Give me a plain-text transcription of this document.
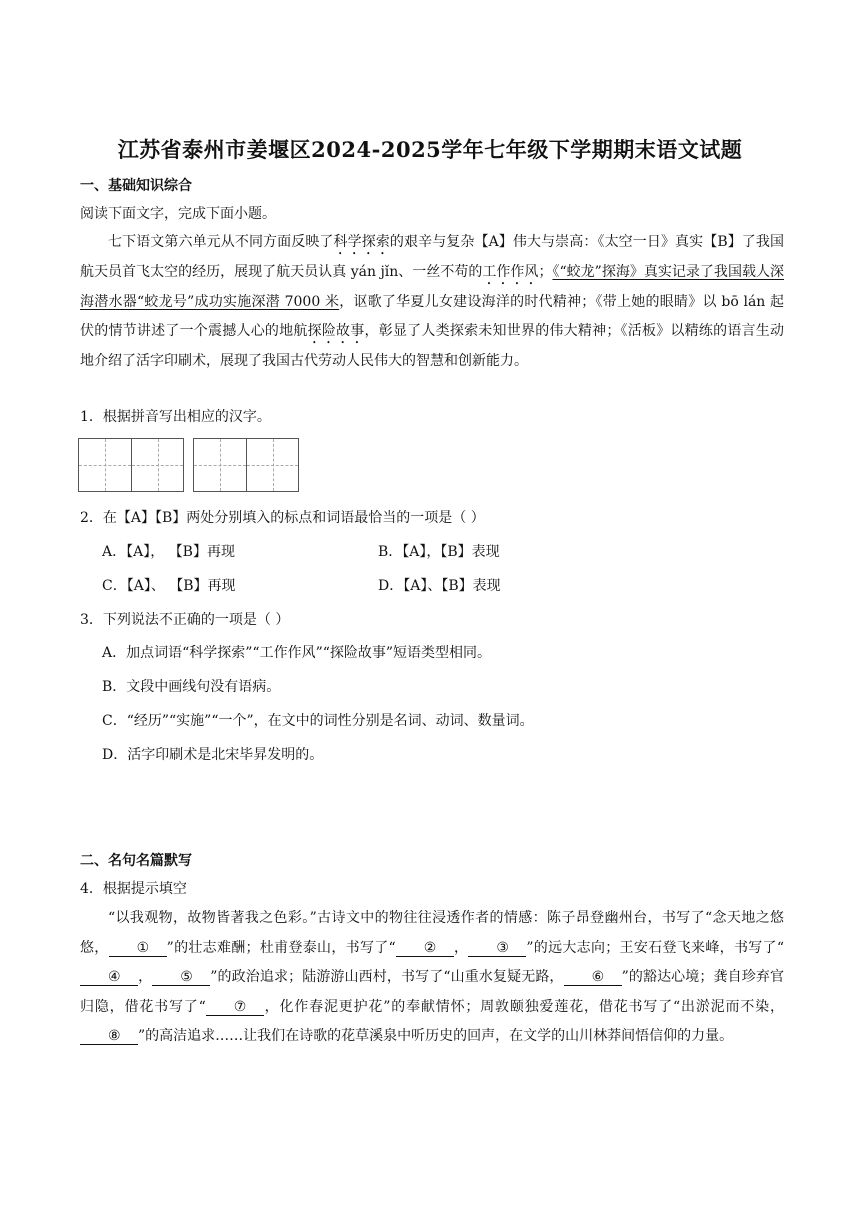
江苏省泰州市姜堰区2024-2025学年七年级下学期期末语文试题
一、基础知识综合
阅读下面文字，完成下面小题。

七下语文第六单元从不同方面反映了科学探索的艰辛与复杂【A】伟大与崇高：《太空一日》真实【B】了我国航天员首飞太空的经历，展现了航天员认真 yán jǐn、一丝不苟的工作作风；《“蛟龙”探海》真实记录了我国载人深海潜水器“蛟龙号”成功实施深潜 7000 米，讴歌了华夏儿女建设海洋的时代精神；《带上她的眼睛》以 bō lán 起伏的情节讲述了一个震撼人心的地航探险故事，彰显了人类探索未知世界的伟大精神；《活板》以精练的语言生动地介绍了活字印刷术，展现了我国古代劳动人民伟大的智慧和创新能力。

1．根据拼音写出相应的汉字。
2．在【A】【B】两处分别填入的标点和词语最恰当的一项是（ ）
A．【A】， 【B】再现	B．【A】，【B】表现
C．【A】、 【B】再现	D．【A】、【B】表现
3．下列说法不正确的一项是（ ）
A．加点词语“科学探索”“工作作风”“探险故事”短语类型相同。
B．文段中画线句没有语病。
C．“经历”“实施”“一个”，在文中的词性分别是名词、动词、数量词。
D．活字印刷术是北宋毕昇发明的。
二、名句名篇默写
4．根据提示填空

“以我观物，故物皆著我之色彩。”古诗文中的物往往浸透作者的情感：陈子昂登幽州台，书写了“念天地之悠悠， ① ”的壮志难酬；杜甫登泰山，书写了“ ② ， ③ ”的远大志向；王安石登飞来峰，书写了“④ ， ⑤ ”的政治追求；陆游游山西村，书写了“山重水复疑无路， ⑥ ”的豁达心境；龚自珍弃官归隐，借花书写了“ ⑦ ，化作春泥更护花”的奉献情怀；周敦颐独爱莲花，借花书写了“出淤泥而不染，⑧ ”的高洁追求……让我们在诗歌的花草溪泉中听历史的回声，在文学的山川林莽间悟信仰的力量。
